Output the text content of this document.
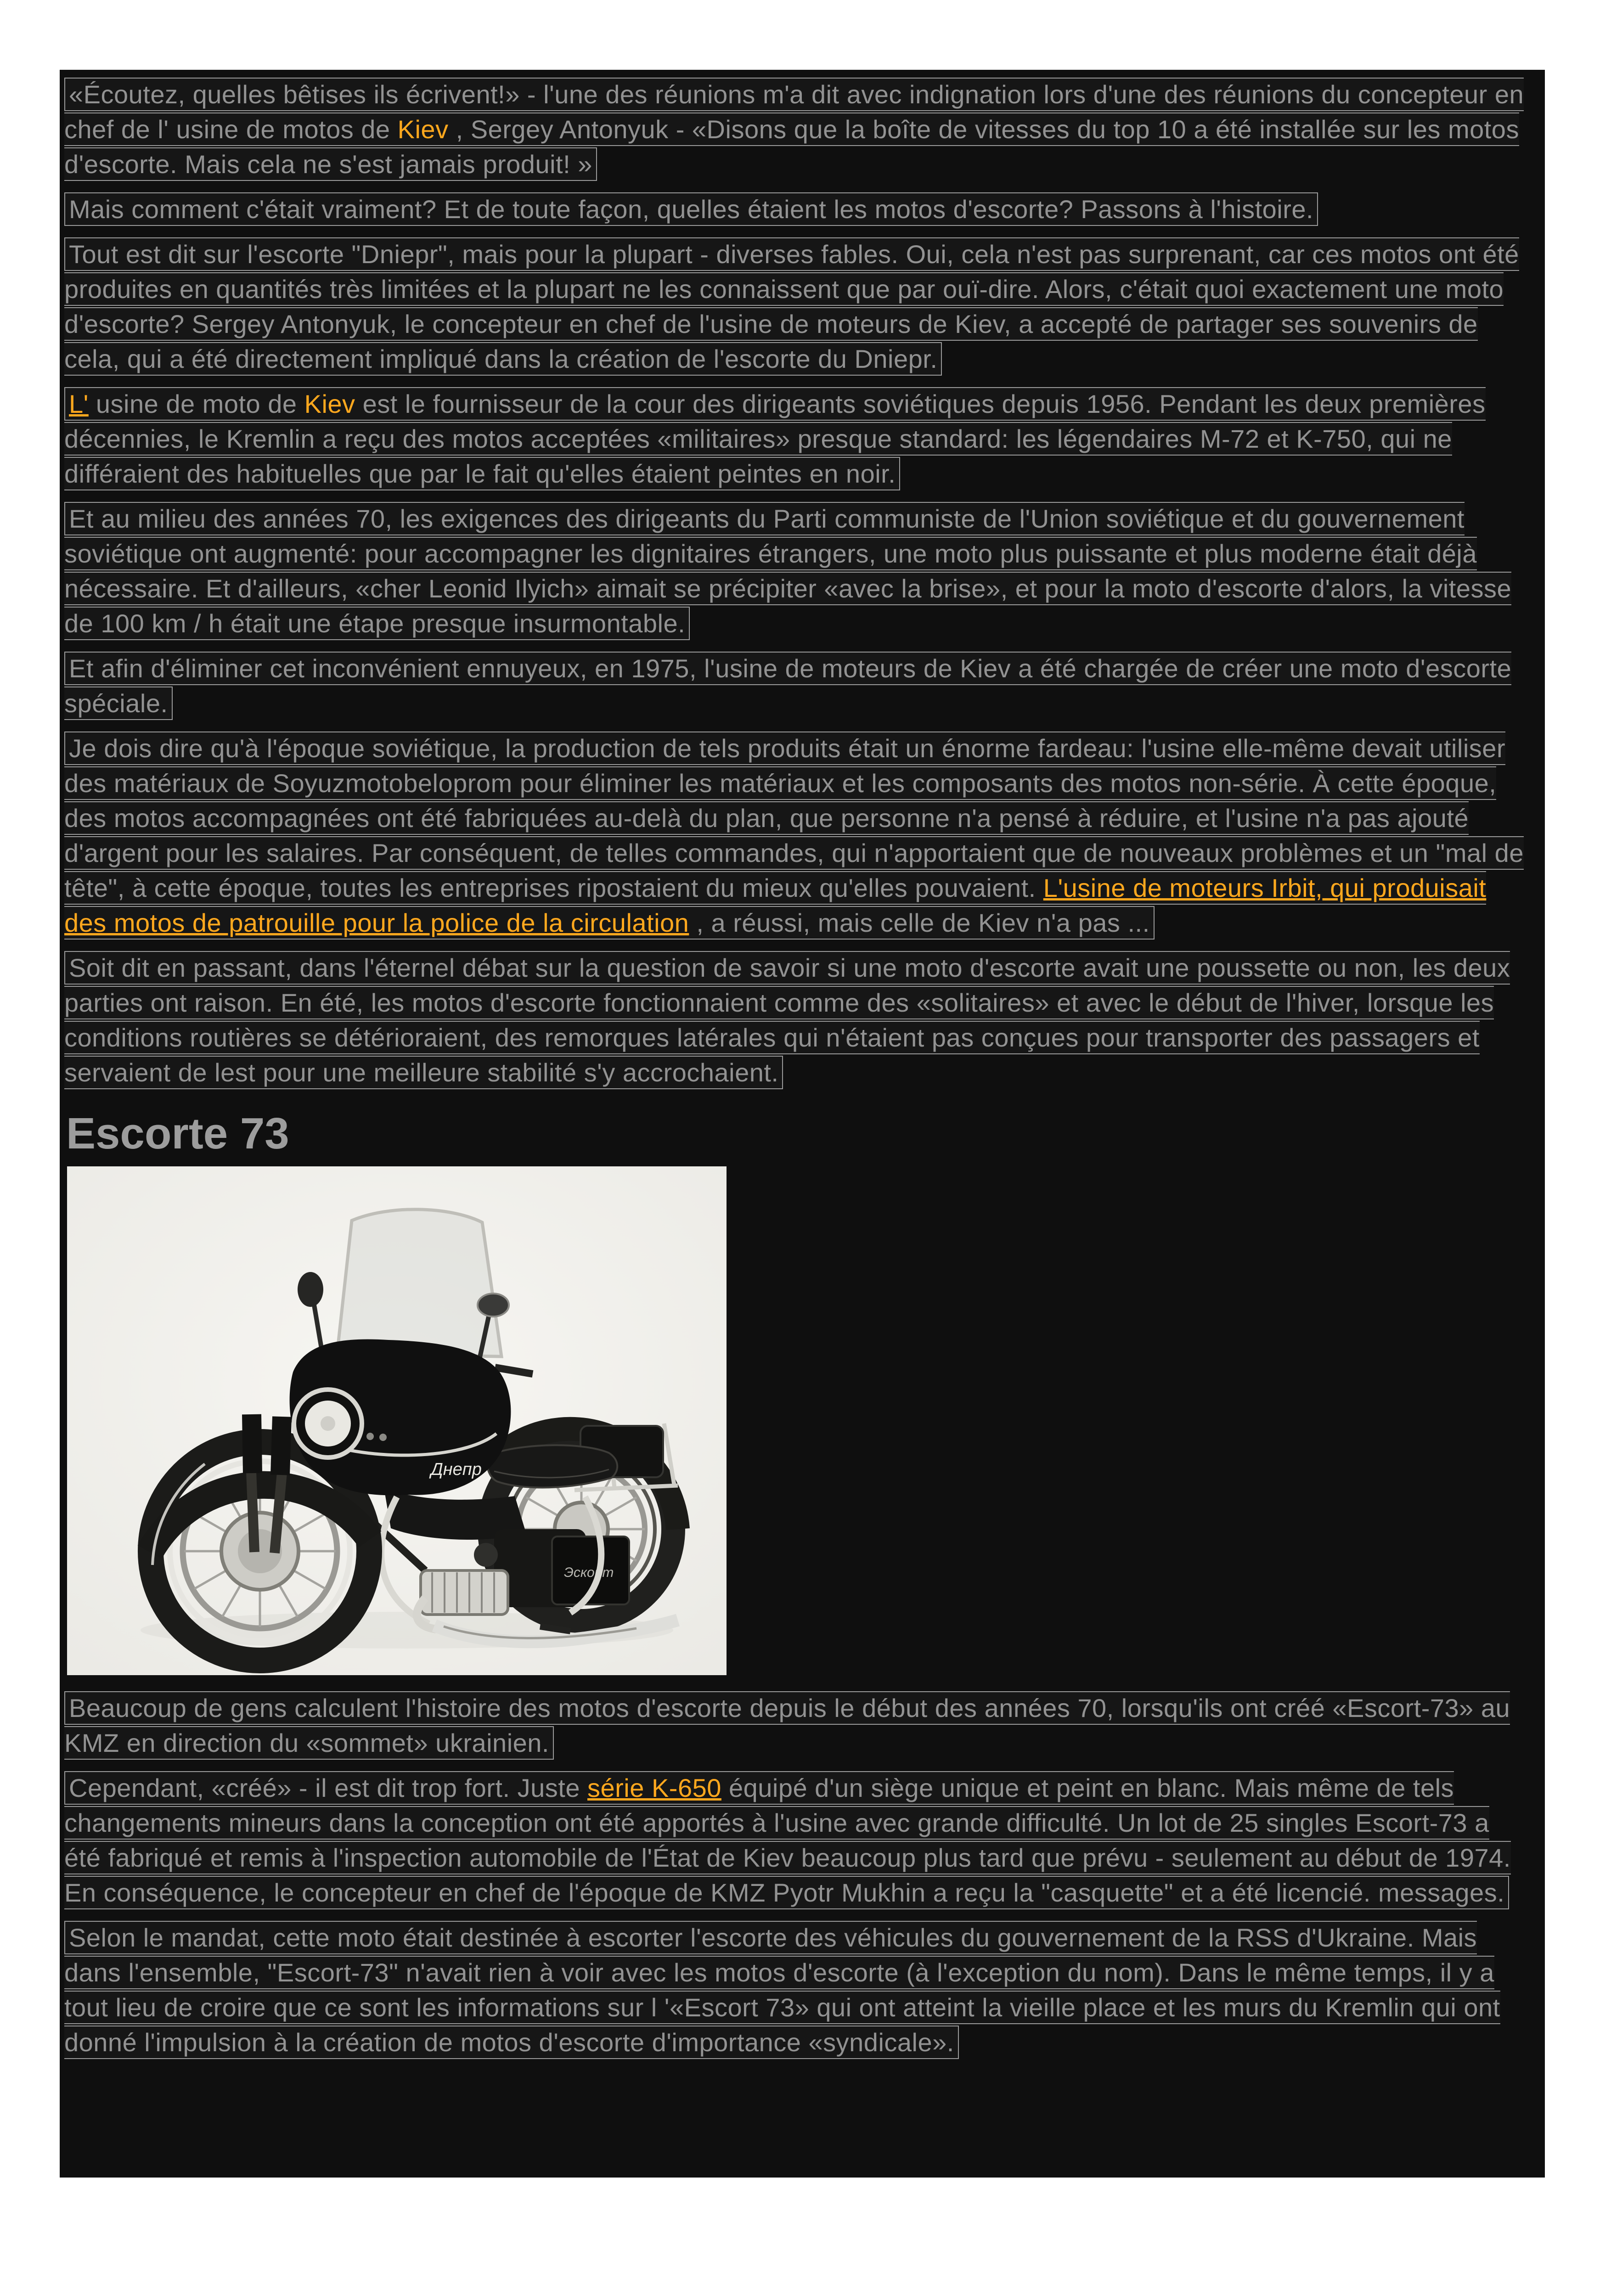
«Écoutez, quelles bêtises ils écrivent!» - l'une des réunions m'a dit avec indignation lors d'une des réunions du concepteur en chef de l' usine de motos de Kiev , Sergey Antonyuk - «Disons que la boîte de vitesses du top 10 a été installée sur les motos d'escorte. Mais cela ne s'est jamais produit! »

Mais comment c'était vraiment? Et de toute façon, quelles étaient les motos d'escorte? Passons à l'histoire.

Tout est dit sur l'escorte "Dniepr", mais pour la plupart - diverses fables. Oui, cela n'est pas surprenant, car ces motos ont été produites en quantités très limitées et la plupart ne les connaissent que par ouï-dire. Alors, c'était quoi exactement une moto d'escorte? Sergey Antonyuk, le concepteur en chef de l'usine de moteurs de Kiev, a accepté de partager ses souvenirs de cela, qui a été directement impliqué dans la création de l'escorte du Dniepr.

L' usine de moto de Kiev est le fournisseur de la cour des dirigeants soviétiques depuis 1956. Pendant les deux premières décennies, le Kremlin a reçu des motos acceptées «militaires» presque standard: les légendaires M-72 et K-750, qui ne différaient des habituelles que par le fait qu'elles étaient peintes en noir.

Et au milieu des années 70, les exigences des dirigeants du Parti communiste de l'Union soviétique et du gouvernement soviétique ont augmenté: pour accompagner les dignitaires étrangers, une moto plus puissante et plus moderne était déjà nécessaire. Et d'ailleurs, «cher Leonid Ilyich» aimait se précipiter «avec la brise», et pour la moto d'escorte d'alors, la vitesse de 100 km / h était une étape presque insurmontable.

Et afin d'éliminer cet inconvénient ennuyeux, en 1975, l'usine de moteurs de Kiev a été chargée de créer une moto d'escorte spéciale.

Je dois dire qu'à l'époque soviétique, la production de tels produits était un énorme fardeau: l'usine elle-même devait utiliser des matériaux de Soyuzmotobeloprom pour éliminer les matériaux et les composants des motos non-série. À cette époque, des motos accompagnées ont été fabriquées au-delà du plan, que personne n'a pensé à réduire, et l'usine n'a pas ajouté d'argent pour les salaires. Par conséquent, de telles commandes, qui n'apportaient que de nouveaux problèmes et un "mal de tête", à cette époque, toutes les entreprises ripostaient du mieux qu'elles pouvaient. L'usine de moteurs Irbit, qui produisait des motos de patrouille pour la police de la circulation , a réussi, mais celle de Kiev n'a pas ...

Soit dit en passant, dans l'éternel débat sur la question de savoir si une moto d'escorte avait une poussette ou non, les deux parties ont raison. En été, les motos d'escorte fonctionnaient comme des «solitaires» et avec le début de l'hiver, lorsque les conditions routières se détérioraient, des remorques latérales qui n'étaient pas conçues pour transporter des passagers et servaient de lest pour une meilleure stabilité s'y accrochaient.

Escorte 73
Эскорт
Днепр

Beaucoup de gens calculent l'histoire des motos d'escorte depuis le début des années 70, lorsqu'ils ont créé «Escort-73» au KMZ en direction du «sommet» ukrainien.

Cependant, «créé» - il est dit trop fort. Juste série K-650 équipé d'un siège unique et peint en blanc. Mais même de tels changements mineurs dans la conception ont été apportés à l'usine avec grande difficulté. Un lot de 25 singles Escort-73 a été fabriqué et remis à l'inspection automobile de l'État de Kiev beaucoup plus tard que prévu - seulement au début de 1974. En conséquence, le concepteur en chef de l'époque de KMZ Pyotr Mukhin a reçu la "casquette" et a été licencié. messages.

Selon le mandat, cette moto était destinée à escorter l'escorte des véhicules du gouvernement de la RSS d'Ukraine. Mais dans l'ensemble, "Escort-73" n'avait rien à voir avec les motos d'escorte (à l'exception du nom). Dans le même temps, il y a tout lieu de croire que ce sont les informations sur l '«Escort 73» qui ont atteint la vieille place et les murs du Kremlin qui ont donné l'impulsion à la création de motos d'escorte d'importance «syndicale».
